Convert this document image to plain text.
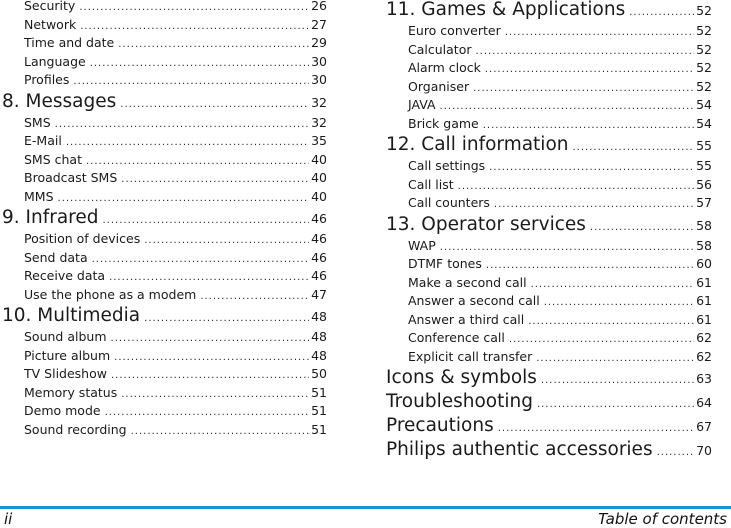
Security .....	26
Network .....	27
Time and date .....	29
Language .....	30
Profiles .....	30
8. Messages .....	32
SMS .....	32
E-Mail .....	35
SMS chat .....	40
Broadcast SMS .....	40
MMS .....	40
9. Infrared .....	46
Position of devices .....	46
Send data .....	46
Receive data .....	46
Use the phone as a modem .....	47
10. Multimedia .....	48
Sound album .....	48
Picture album .....	48
TV Slideshow .....	50
Memory status .....	51
Demo mode .....	51
Sound recording .....	51
11. Games & Applications .....	52
Euro converter .....	52
Calculator .....	52
Alarm clock .....	52
Organiser .....	52
JAVA .....	54
Brick game .....	54
12. Call information .....	55
Call settings .....	55
Call list .....	56
Call counters .....	57
13. Operator services .....	58
WAP .....	58
DTMF tones .....	60
Make a second call .....	61
Answer a second call .....	61
Answer a third call .....	61
Conference call .....	62
Explicit call transfer .....	62
Icons & symbols .....	63
Troubleshooting .....	64
Precautions .....	67
Philips authentic accessories .....	70
ii	Table of contents
